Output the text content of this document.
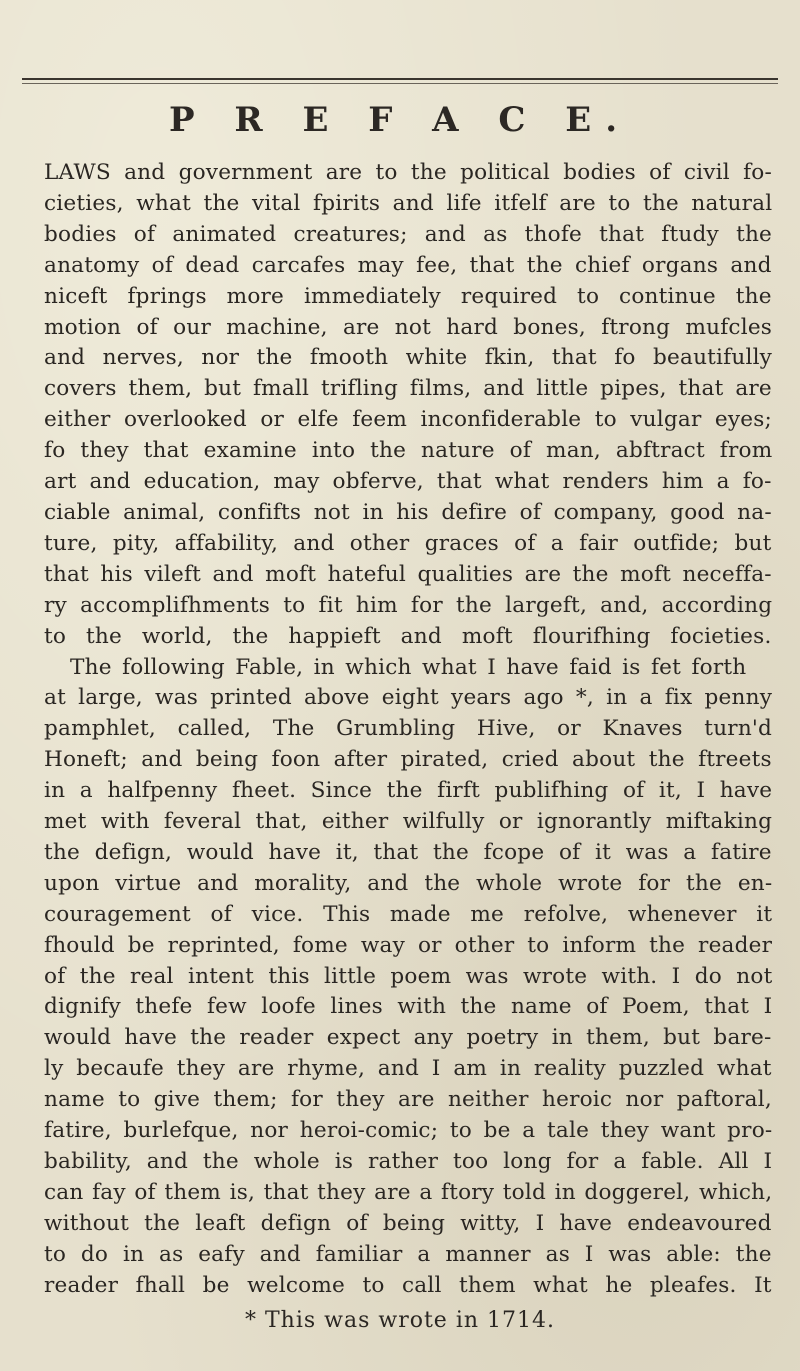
P R E F A C E.
LAWS and government are to the political bodies of civil fo-
cieties, what the vital fpirits and life itfelf are to the natural
bodies of animated creatures; and as thofe that ftudy the
anatomy of dead carcafes may fee, that the chief organs and
niceft fprings more immediately required to continue the
motion of our machine, are not hard bones, ftrong mufcles
and nerves, nor the fmooth white fkin, that fo beautifully
covers them, but fmall trifling films, and little pipes, that are
either overlooked or elfe feem inconfiderable to vulgar eyes;
fo they that examine into the nature of man, abftract from
art and education, may obferve, that what renders him a fo-
ciable animal, confifts not in his defire of company, good na-
ture, pity, affability, and other graces of a fair outfide; but
that his vileft and moft hateful qualities are the moft neceffa-
ry accomplifhments to fit him for the largeft, and, according
to the world, the happieft and moft flourifhing focieties.
The following Fable, in which what I have faid is fet forth
at large, was printed above eight years ago *, in a fix penny
pamphlet, called, The Grumbling Hive, or Knaves turn'd
Honeft; and being foon after pirated, cried about the ftreets
in a halfpenny fheet. Since the firft publifhing of it, I have
met with feveral that, either wilfully or ignorantly miftaking
the defign, would have it, that the fcope of it was a fatire
upon virtue and morality, and the whole wrote for the en-
couragement of vice. This made me refolve, whenever it
fhould be reprinted, fome way or other to inform the reader
of the real intent this little poem was wrote with. I do not
dignify thefe few loofe lines with the name of Poem, that I
would have the reader expect any poetry in them, but bare-
ly becaufe they are rhyme, and I am in reality puzzled what
name to give them; for they are neither heroic nor paftoral,
fatire, burlefque, nor heroi-comic; to be a tale they want pro-
bability, and the whole is rather too long for a fable. All I
can fay of them is, that they are a ftory told in doggerel, which,
without the leaft defign of being witty, I have endeavoured
to do in as eafy and familiar a manner as I was able: the
reader fhall be welcome to call them what he pleafes. It
* This was wrote in 1714.
